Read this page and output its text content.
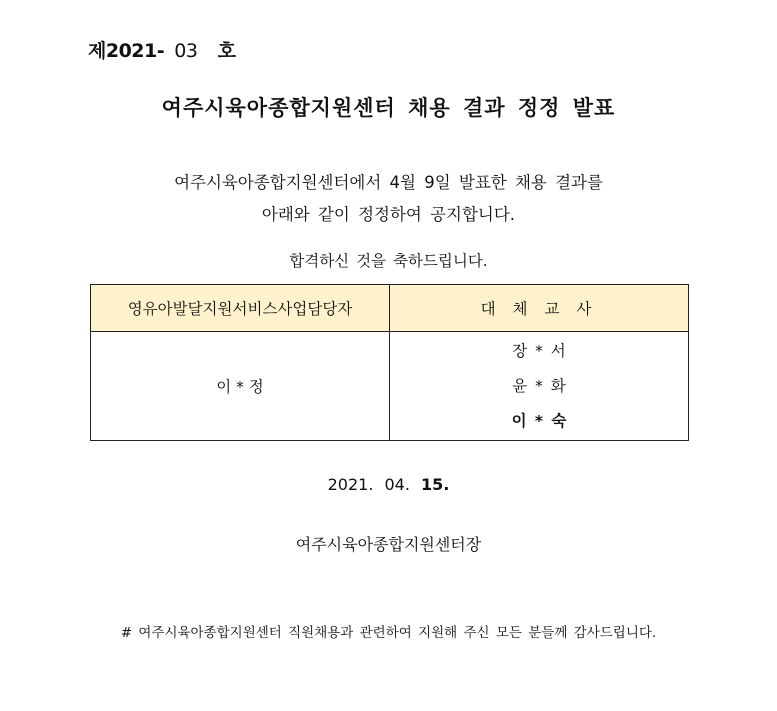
제2021- 03 호
여주시육아종합지원센터 채용 결과 정정 발표
여주시육아종합지원센터에서 4월 9일 발표한 채용 결과를
아래와 같이 정정하여 공지합니다.
합격하신 것을 축하드립니다.
영유아발달지원서비스사업담당자	대 체 교 사
이 * 정	장 * 서
윤 * 화
이 * 숙
2021. 04. 15.
여주시육아종합지원센터장
# 여주시육아종합지원센터 직원채용과 관련하여 지원해 주신 모든 분들께 감사드립니다.
